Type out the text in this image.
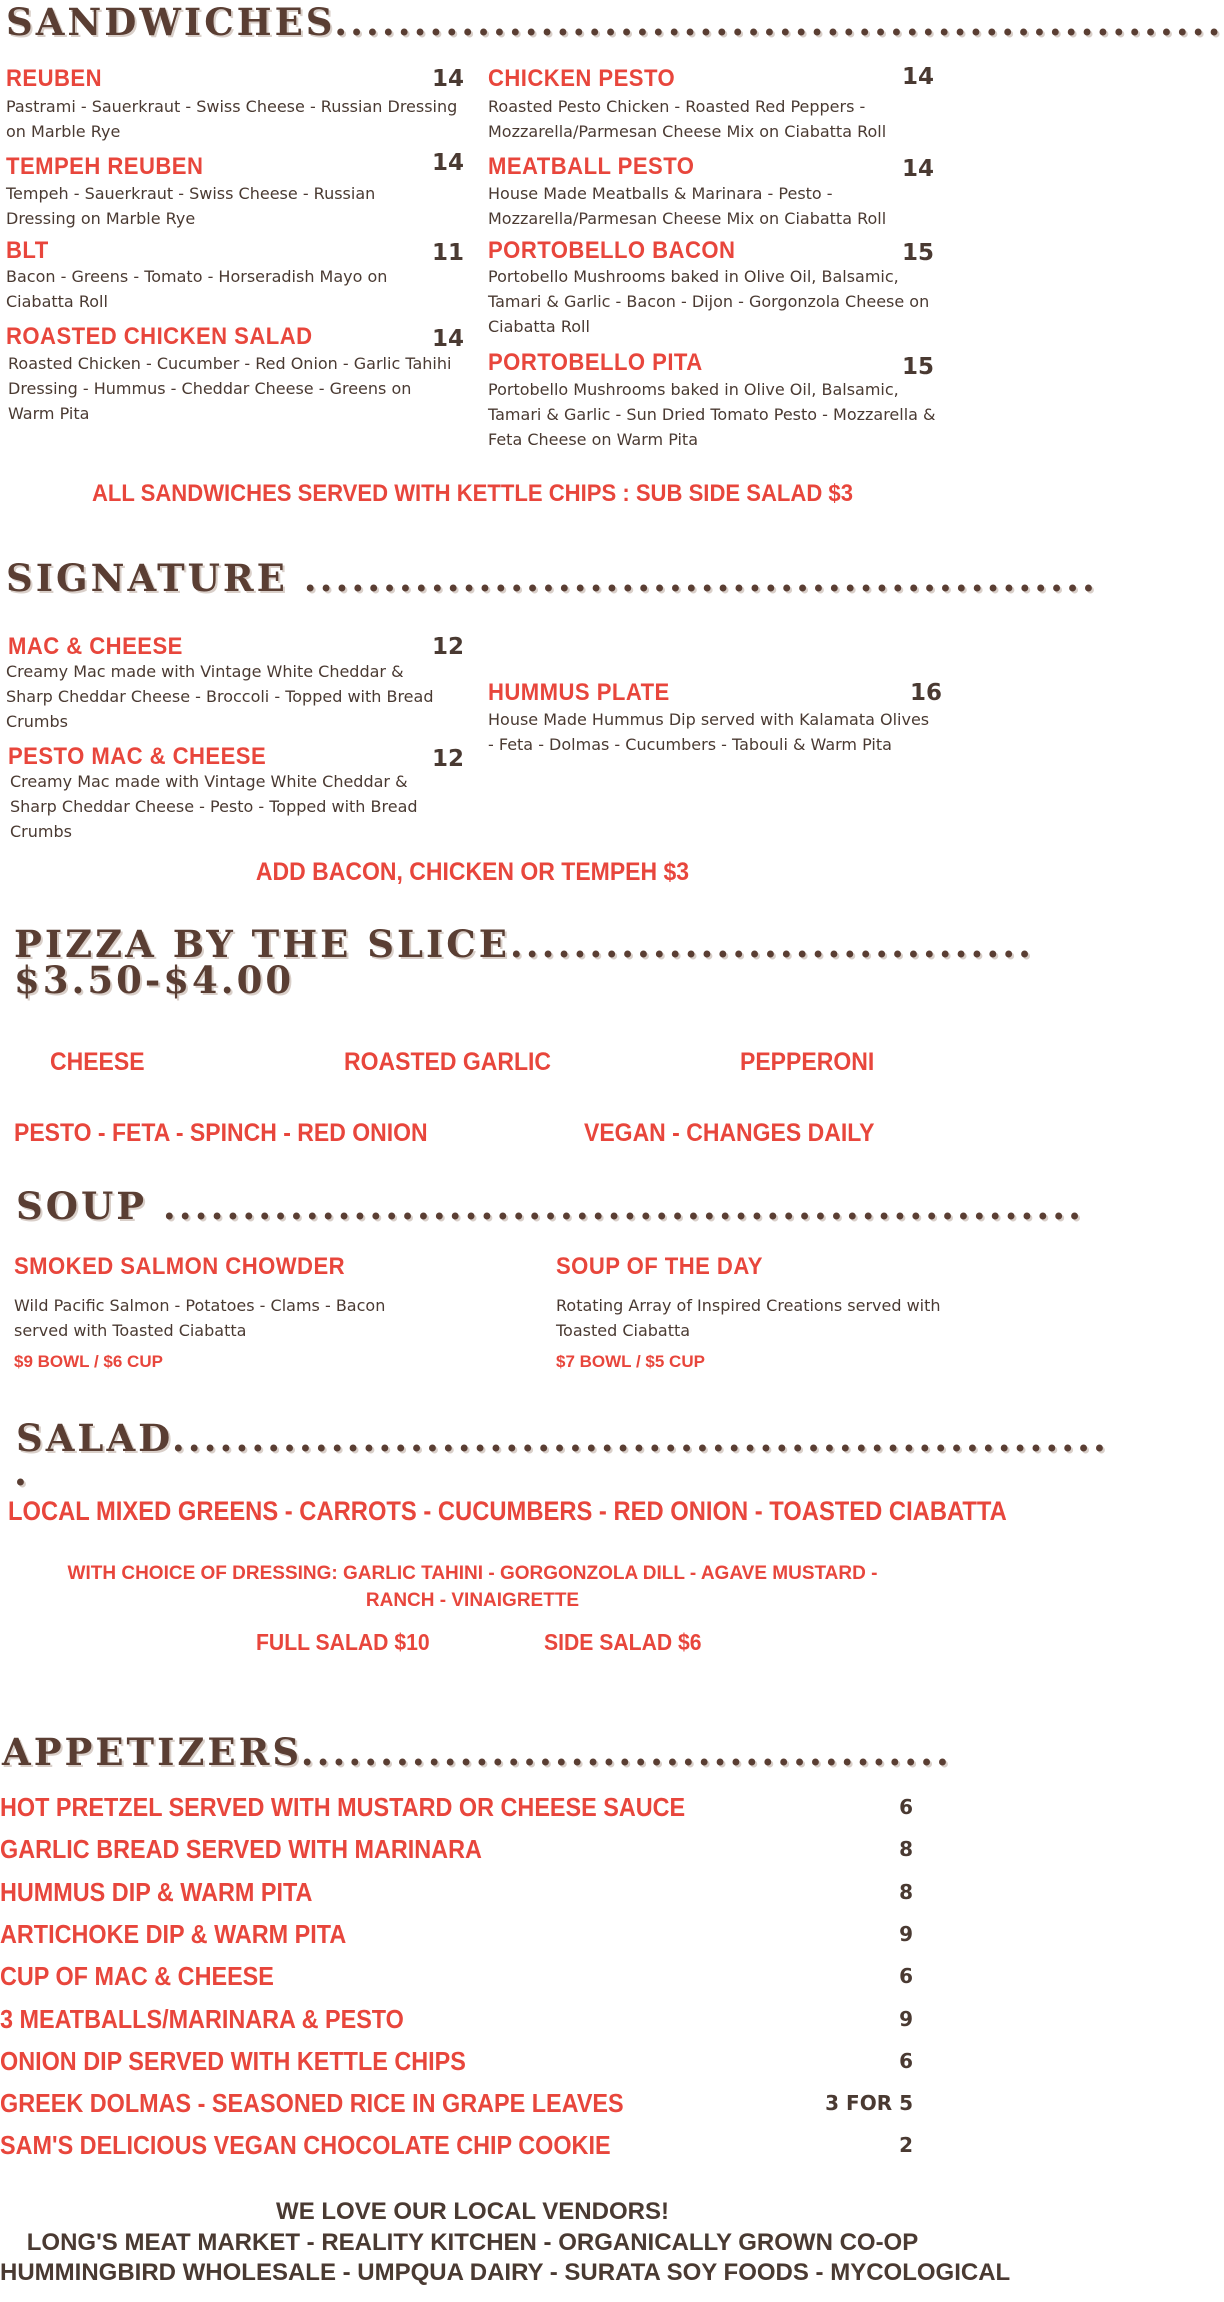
SANDWICHES........................................................
REUBEN	14
Pastrami - Sauerkraut - Swiss Cheese - Russian Dressing on Marble Rye
TEMPEH REUBEN	14
Tempeh - Sauerkraut - Swiss Cheese - Russian Dressing on Marble Rye
BLT	11
Bacon - Greens - Tomato - Horseradish Mayo on Ciabatta Roll
ROASTED CHICKEN SALAD	14
Roasted Chicken - Cucumber - Red Onion - Garlic Tahihi Dressing - Hummus - Cheddar Cheese - Greens on Warm Pita
CHICKEN PESTO	14
Roasted Pesto Chicken - Roasted Red Peppers - Mozzarella/Parmesan Cheese Mix on Ciabatta Roll
MEATBALL PESTO	14
House Made Meatballs & Marinara - Pesto - Mozzarella/Parmesan Cheese Mix on Ciabatta Roll
PORTOBELLO BACON	15
Portobello Mushrooms baked in Olive Oil, Balsamic, Tamari & Garlic - Bacon - Dijon - Gorgonzola Cheese on Ciabatta Roll
PORTOBELLO PITA	15
Portobello Mushrooms baked in Olive Oil, Balsamic, Tamari & Garlic - Sun Dried Tomato Pesto - Mozzarella & Feta Cheese on Warm Pita
ALL SANDWICHES SERVED WITH KETTLE CHIPS : SUB SIDE SALAD $3
SIGNATURE ..................................................
MAC & CHEESE	12
Creamy Mac made with Vintage White Cheddar & Sharp Cheddar Cheese - Broccoli - Topped with Bread Crumbs
PESTO MAC & CHEESE	12
Creamy Mac made with Vintage White Cheddar & Sharp Cheddar Cheese - Pesto - Topped with Bread Crumbs
HUMMUS PLATE	16
House Made Hummus Dip served with Kalamata Olives - Feta - Dolmas - Cucumbers - Tabouli & Warm Pita
ADD BACON, CHICKEN OR TEMPEH $3
PIZZA BY THE SLICE.................................
$3.50-$4.00
CHEESE	ROASTED GARLIC	PEPPERONI
PESTO - FETA - SPINCH - RED ONION	VEGAN - CHANGES DAILY
SOUP ..........................................................
SMOKED SALMON CHOWDER
Wild Pacific Salmon - Potatoes - Clams - Bacon served with Toasted Ciabatta
$9 BOWL / $6 CUP
SOUP OF THE DAY
Rotating Array of Inspired Creations served with Toasted Ciabatta
$7 BOWL / $5 CUP
SALAD...........................................................
.
LOCAL MIXED GREENS - CARROTS - CUCUMBERS - RED ONION - TOASTED CIABATTA
WITH CHOICE OF DRESSING: GARLIC TAHINI - GORGONZOLA DILL - AGAVE MUSTARD - RANCH - VINAIGRETTE
FULL SALAD $10	SIDE SALAD $6
APPETIZERS.........................................
HOT PRETZEL SERVED WITH MUSTARD OR CHEESE SAUCE	6
GARLIC BREAD SERVED WITH MARINARA	8
HUMMUS DIP & WARM PITA	8
ARTICHOKE DIP & WARM PITA	9
CUP OF MAC & CHEESE	6
3 MEATBALLS/MARINARA & PESTO	9
ONION DIP SERVED WITH KETTLE CHIPS	6
GREEK DOLMAS - SEASONED RICE IN GRAPE LEAVES	3 FOR 5
SAM'S DELICIOUS VEGAN CHOCOLATE CHIP COOKIE	2
WE LOVE OUR LOCAL VENDORS!
LONG'S MEAT MARKET - REALITY KITCHEN - ORGANICALLY GROWN CO-OP
HUMMINGBIRD WHOLESALE - UMPQUA DAIRY - SURATA SOY FOODS - MYCOLOGICAL
